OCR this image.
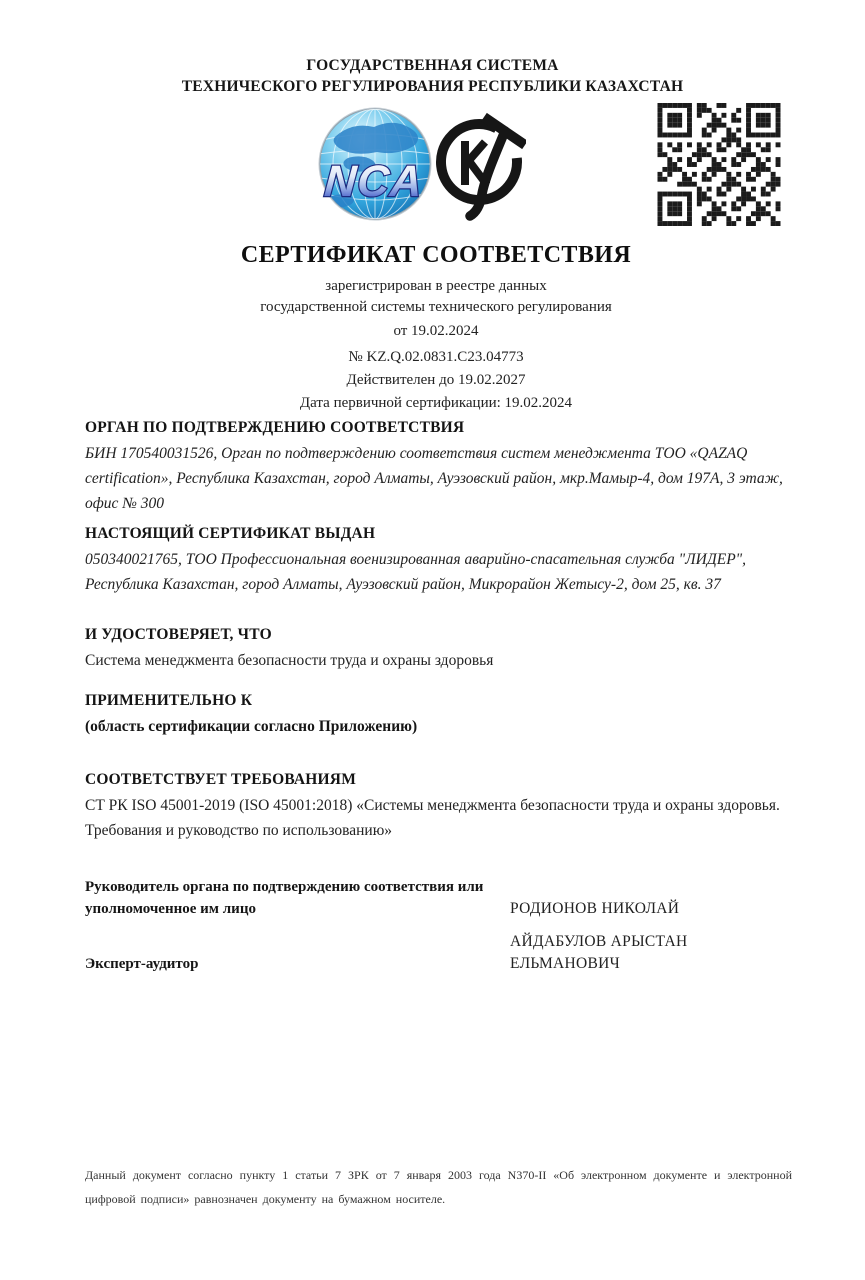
ГОСУДАРСТВЕННАЯ СИСТЕМА
ТЕХНИЧЕСКОГО РЕГУЛИРОВАНИЯ РЕСПУБЛИКИ КАЗАХСТАН
NCA
СЕРТИФИКАТ СООТВЕТСТВИЯ

зарегистрирован в реестре данных

государственной системы технического регулирования

от 19.02.2024

№ KZ.Q.02.0831.C23.04773

Действителен до 19.02.2027

Дата первичной сертификации: 19.02.2024

ОРГАН ПО ПОДТВЕРЖДЕНИЮ СООТВЕТСТВИЯ

БИН 170540031526, Орган по подтверждению соответствия систем менеджмента ТОО «QAZAQ certification», Республика Казахстан, город Алматы, Ауэзовский район, мкр.Мамыр-4, дом 197А, 3 этаж, офис № 300

НАСТОЯЩИЙ СЕРТИФИКАТ ВЫДАН

050340021765, ТОО Профессиональная военизированная аварийно-спасательная служба "ЛИДЕР", Республика Казахстан, город Алматы, Ауэзовский район, Микрорайон Жетысу-2, дом 25, кв. 37

И УДОСТОВЕРЯЕТ, ЧТО

Система менеджмента безопасности труда и охраны здоровья

ПРИМЕНИТЕЛЬНО К

(область сертификации согласно Приложению)

СООТВЕТСТВУЕТ ТРЕБОВАНИЯМ

СТ РК ISO 45001-2019 (ISO 45001:2018) «Системы менеджмента безопасности труда и охраны здоровья. Требования и руководство по использованию»

Руководитель органа по подтверждению соответствия или уполномоченное им лицо	РОДИОНОВ НИКОЛАЙ
Эксперт-аудитор
АЙДАБУЛОВ АРЫСТАН ЕЛЬМАНОВИЧ
Данный документ согласно пункту 1 статьи 7 ЗРК от 7 января 2003 года N370-II «Об электронном документе и электронной цифровой подписи» равнозначен документу на бумажном носителе.
